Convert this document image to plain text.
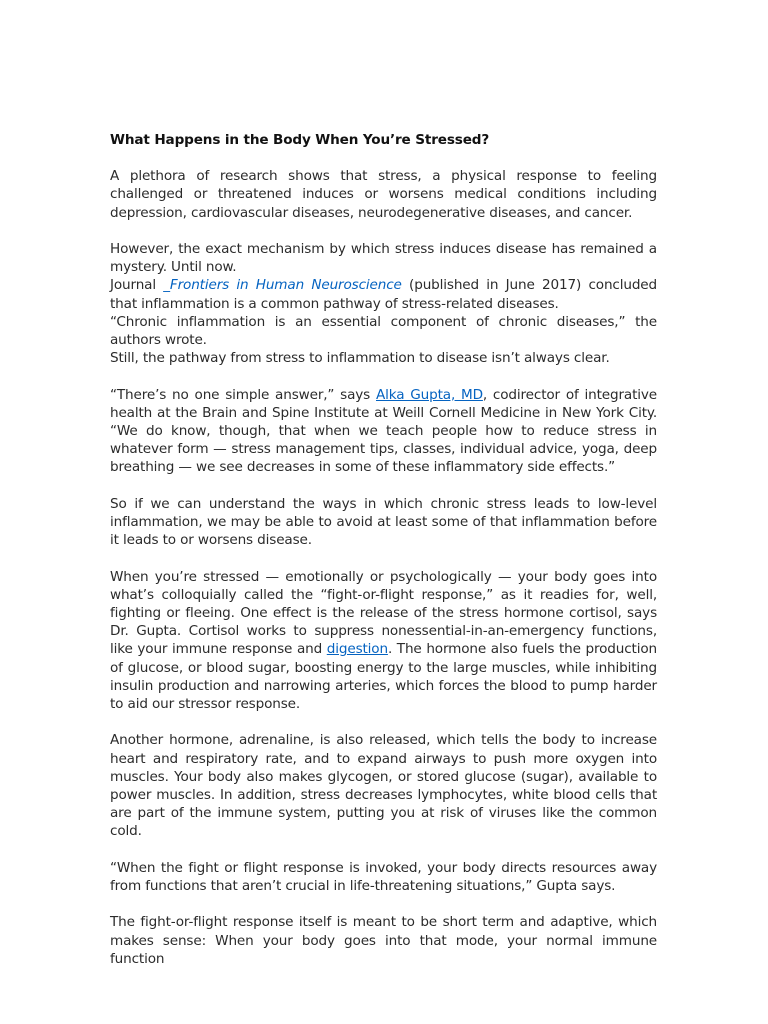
What Happens in the Body When You’re Stressed?

A plethora of research shows that stress, a physical response to feeling challenged or threatened induces or worsens medical conditions including depression, cardiovascular diseases, neurodegenerative diseases, and cancer.

However, the exact mechanism by which stress induces disease has remained a mystery. Until now.

Journal _Frontiers in Human Neuroscience (published in June 2017) concluded that inflammation is a common pathway of stress-related diseases.

“Chronic inflammation is an essential component of chronic diseases,” the authors wrote.

Still, the pathway from stress to inflammation to disease isn’t always clear.

“There’s no one simple answer,” says Alka Gupta, MD, codirector of integrative health at the Brain and Spine Institute at Weill Cornell Medicine in New York City. “We do know, though, that when we teach people how to reduce stress in whatever form — stress management tips, classes, individual advice, yoga, deep breathing — we see decreases in some of these inflammatory side effects.”

So if we can understand the ways in which chronic stress leads to low-level inflammation, we may be able to avoid at least some of that inflammation before it leads to or worsens disease.

When you’re stressed — emotionally or psychologically — your body goes into what’s colloquially called the “fight-or-flight response,” as it readies for, well, fighting or fleeing. One effect is the release of the stress hormone cortisol, says Dr. Gupta. Cortisol works to suppress nonessential-in-an-emergency functions, like your immune response and digestion. The hormone also fuels the production of glucose, or blood sugar, boosting energy to the large muscles, while inhibiting insulin production and narrowing arteries, which forces the blood to pump harder to aid our stressor response.

Another hormone, adrenaline, is also released, which tells the body to increase heart and respiratory rate, and to expand airways to push more oxygen into muscles. Your body also makes glycogen, or stored glucose (sugar), available to power muscles. In addition, stress decreases lymphocytes, white blood cells that are part of the immune system, putting you at risk of viruses like the common cold.

“When the fight or flight response is invoked, your body directs resources away from functions that aren’t crucial in life-threatening situations,” Gupta says.

The fight-or-flight response itself is meant to be short term and adaptive, which makes sense: When your body goes into that mode, your normal immune function
